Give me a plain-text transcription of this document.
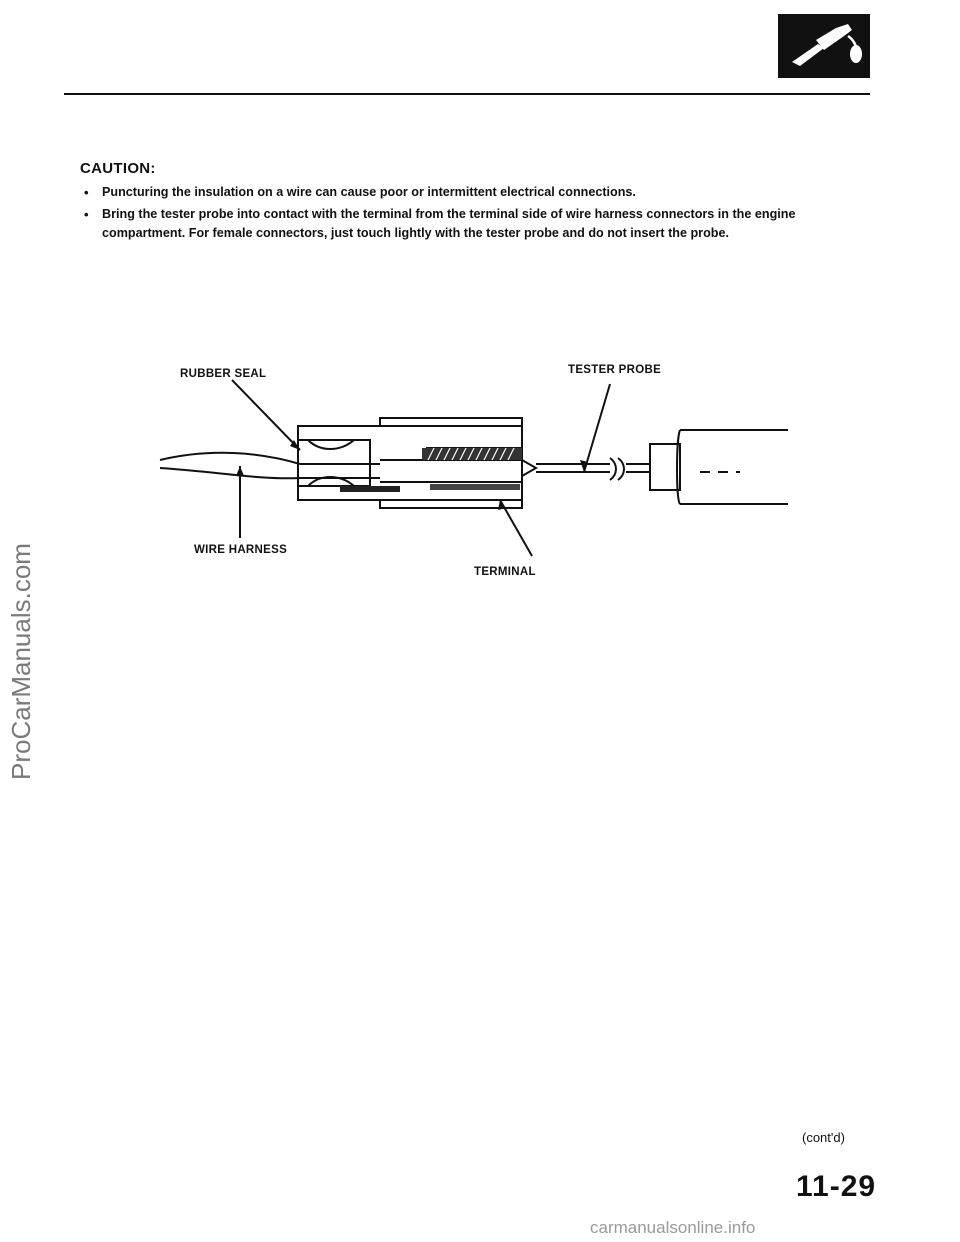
CAUTION:
• Puncturing the insulation on a wire can cause poor or intermittent electrical connections.
• Bring the tester probe into contact with the terminal from the terminal side of wire harness connectors in the engine compartment. For female connectors, just touch lightly with the tester probe and do not insert the probe.
RUBBER SEAL	TESTER PROBE
WIRE HARNESS
TERMINAL
ProCarManuals.com
(cont'd)
11-29
carmanualsonline.info
